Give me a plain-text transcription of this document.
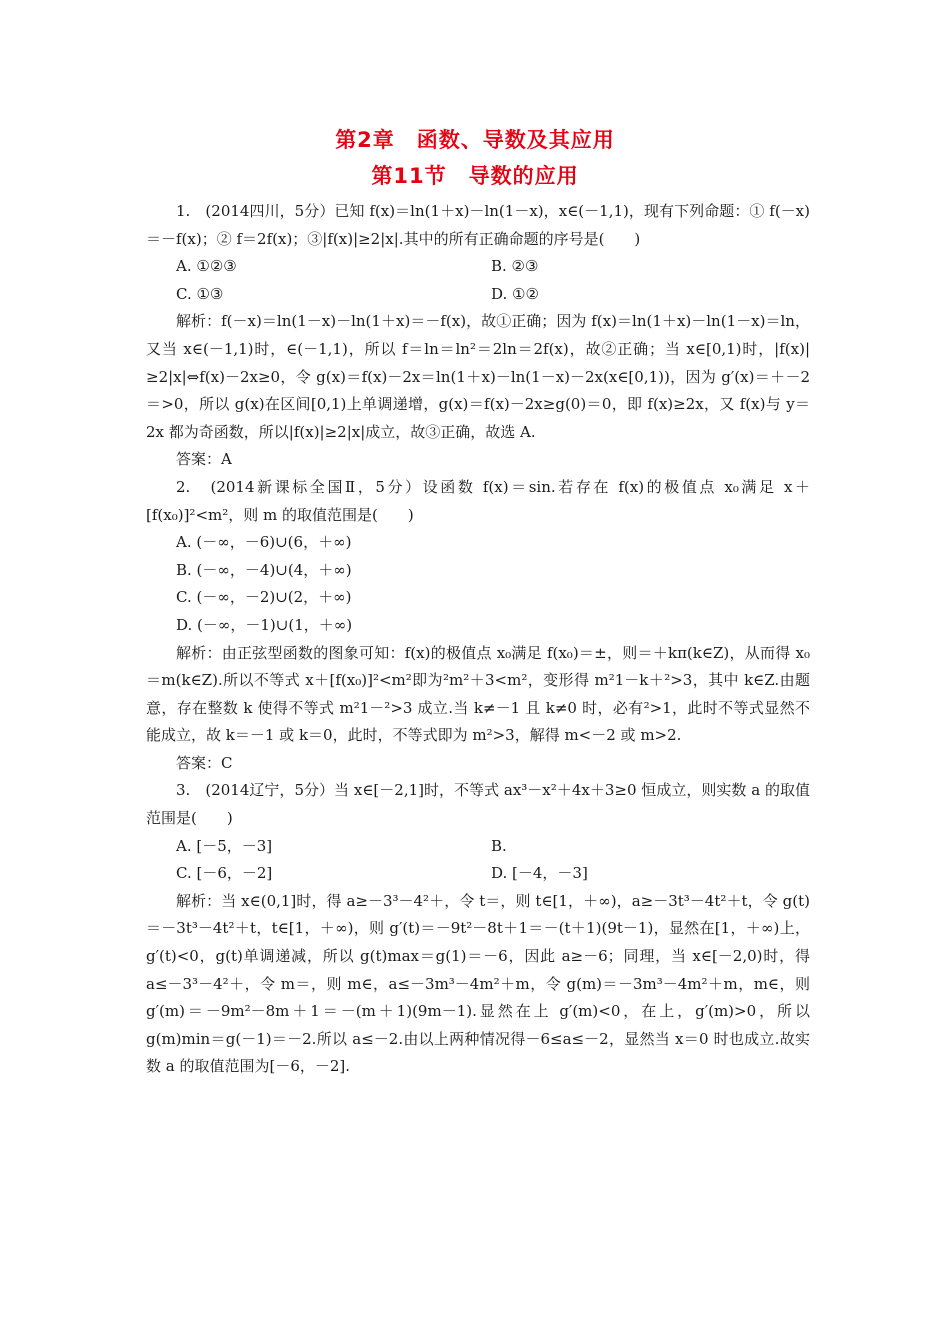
第2章　函数、导数及其应用
第11节　导数的应用

1.　(2014四川，5分）已知 f(x)＝ln(1＋x)－ln(1－x)，x∈(－1,1)，现有下列命题：① f(－x)＝－f(x)；② f＝2f(x)；③|f(x)|≥2|x|.其中的所有正确命题的序号是(　　)

A. ①②③	B. ②③
C. ①③	D. ①②

解析：f(－x)＝ln(1－x)－ln(1＋x)＝－f(x)，故①正确；因为 f(x)＝ln(1＋x)－ln(1－x)＝ln，又当 x∈(－1,1)时，∈(－1,1)，所以 f＝ln＝ln²＝2ln＝2f(x)，故②正确；当 x∈[0,1)时，|f(x)|≥2|x|⇔f(x)－2x≥0，令 g(x)＝f(x)－2x＝ln(1＋x)－ln(1－x)－2x(x∈[0,1))，因为 g′(x)＝＋－2＝>0，所以 g(x)在区间[0,1)上单调递增，g(x)＝f(x)－2x≥g(0)＝0，即 f(x)≥2x，又 f(x)与 y＝2x 都为奇函数，所以|f(x)|≥2|x|成立，故③正确，故选 A.

答案：A

2.　(2014新课标全国Ⅱ，5分）设函数 f(x)＝sin.若存在 f(x)的极值点 x₀满足 x＋[f(x₀)]²<m²，则 m 的取值范围是(　　)

A. (－∞，－6)∪(6，＋∞)

B. (－∞，－4)∪(4，＋∞)

C. (－∞，－2)∪(2，＋∞)

D. (－∞，－1)∪(1，＋∞)

解析：由正弦型函数的图象可知：f(x)的极值点 x₀满足 f(x₀)＝±，则＝＋kπ(k∈Z)，从而得 x₀＝m(k∈Z).所以不等式 x＋[f(x₀)]²<m²即为²m²＋3<m²，变形得 m²1－k＋²>3，其中 k∈Z.由题意，存在整数 k 使得不等式 m²1－²>3 成立.当 k≠－1 且 k≠0 时，必有²>1，此时不等式显然不能成立，故 k＝－1 或 k＝0，此时，不等式即为 m²>3，解得 m<－2 或 m>2.

答案：C

3.　(2014辽宁，5分）当 x∈[－2,1]时，不等式 ax³－x²＋4x＋3≥0 恒成立，则实数 a 的取值范围是(　　)

A. [－5，－3]	B.
C. [－6，－2]	D. [－4，－3]

解析：当 x∈(0,1]时，得 a≥－3³－4²＋，令 t＝，则 t∈[1，＋∞)，a≥－3t³－4t²＋t，令 g(t)＝－3t³－4t²＋t，t∈[1，＋∞)，则 g′(t)＝－9t²－8t＋1＝－(t＋1)(9t－1)，显然在[1，＋∞)上，g′(t)<0，g(t)单调递减，所以 g(t)max＝g(1)＝－6，因此 a≥－6；同理，当 x∈[－2,0)时，得 a≤－3³－4²＋，令 m＝，则 m∈，a≤－3m³－4m²＋m，令 g(m)＝－3m³－4m²＋m，m∈，则 g′(m)＝－9m²－8m＋1＝－(m＋1)(9m－1).显然在上 g′(m)<0，在上，g′(m)>0，所以 g(m)min＝g(－1)＝－2.所以 a≤－2.由以上两种情况得－6≤a≤－2，显然当 x＝0 时也成立.故实数 a 的取值范围为[－6，－2].
